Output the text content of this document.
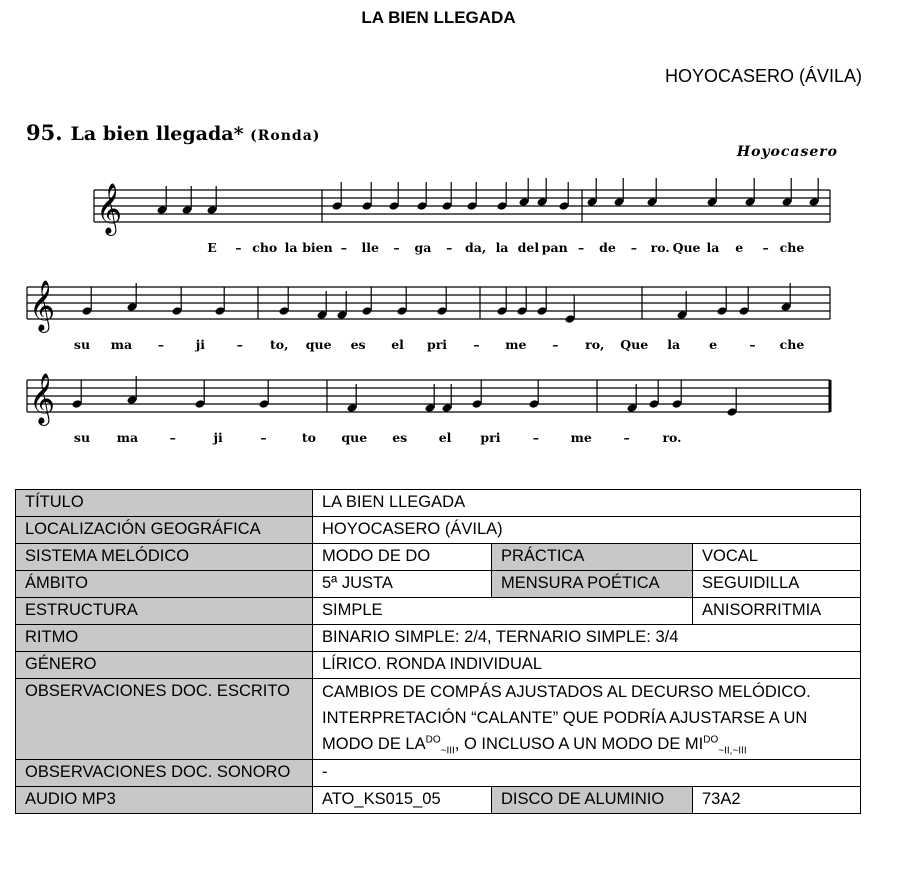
LA BIEN LLEGADA
HOYOCASERO (ÁVILA)
𝄞
𝄞
𝄞
E – cho la bien – lle – ga – da, la del pan – de – ro. Que la e – che
su ma –	ji	– to, que es el pri – me – ro, Que la e	– che
su ma	–	ji	–	to que es	el pri	–	me	–	ro.
95. La bien llegada* (Ronda)
Hoyocasero
TÍTULO	LA BIEN LLEGADA		
LOCALIZACIÓN GEOGRÁFICA	HOYOCASERO (ÁVILA)		
SISTEMA MELÓDICO	MODO DE DO	PRÁCTICA	VOCAL
ÁMBITO	5ª JUSTA	MENSURA POÉTICA	SEGUIDILLA
ESTRUCTURA	SIMPLE		ANISORRITMIA
RITMO	BINARIO SIMPLE: 2/4, TERNARIO SIMPLE: 3/4		
GÉNERO	LÍRICO. RONDA INDIVIDUAL		
OBSERVACIONES DOC. ESCRITO	CAMBIOS DE COMPÁS AJUSTADOS AL DECURSO MELÓDICO.
INTERPRETACIÓN “CALANTE” QUE PODRÍA AJUSTARSE A UN
MODO DE $LA^{DO}_{\sim III}$, O INCLUSO A UN MODO DE $MI^{DO}_{\sim II,\sim III}$
OBSERVACIONES DOC. SONORO	-		
AUDIO MP3	ATO_KS015_05	DISCO DE ALUMINIO	73A2
